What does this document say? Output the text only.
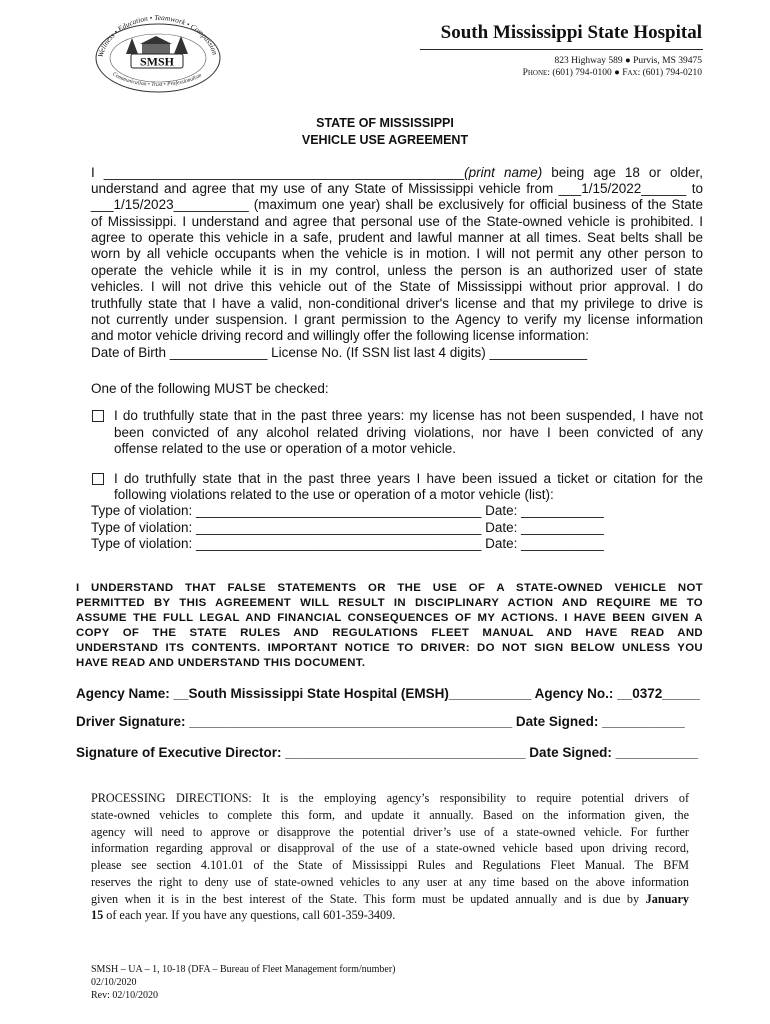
Wellness • Education • Teamwork • Compassion
Communication • Trust • Professionalism
SMSH
South Mississippi State Hospital
823 Highway 589 ● Purvis, MS 39475
Phone: (601) 794-0100 ● Fax: (601) 794-0210
STATE OF MISSISSIPPI
VEHICLE USE AGREEMENT
I ________________________________________________(print name) being age 18 or older,
understand and agree that my use of any State of Mississippi vehicle from ___1/15/2022______ to
___1/15/2023__________ (maximum one year) shall be exclusively for official business of the State
of Mississippi. I understand and agree that personal use of the State-owned vehicle is prohibited. I
agree to operate this vehicle in a safe, prudent and lawful manner at all times. Seat belts shall be
worn by all vehicle occupants when the vehicle is in motion. I will not permit any other person to
operate the vehicle while it is in my control, unless the person is an authorized user of state
vehicles. I will not drive this vehicle out of the State of Mississippi without prior approval. I do
truthfully state that I have a valid, non-conditional driver's license and that my privilege to drive is
not currently under suspension. I grant permission to the Agency to verify my license information
and motor vehicle driving record and willingly offer the following license information:
Date of Birth _____________ License No. (If SSN list last 4 digits) _____________
One of the following MUST be checked:
I do truthfully state that in the past three years: my license has not been suspended, I have not
been convicted of any alcohol related driving violations, nor have I been convicted of any
offense related to the use or operation of a motor vehicle.
I do truthfully state that in the past three years I have been issued a ticket or citation for the
following violations related to the use or operation of a motor vehicle (list):
Type of violation: ______________________________________ Date: ___________
Type of violation: ______________________________________ Date: ___________
Type of violation: ______________________________________ Date: ___________
I UNDERSTAND THAT FALSE STATEMENTS OR THE USE OF A STATE-OWNED VEHICLE NOT
PERMITTED BY THIS AGREEMENT WILL RESULT IN DISCIPLINARY ACTION AND REQUIRE ME TO
ASSUME THE FULL LEGAL AND FINANCIAL CONSEQUENCES OF MY ACTIONS. I HAVE BEEN GIVEN A
COPY OF THE STATE RULES AND REGULATIONS FLEET MANUAL AND HAVE READ AND
UNDERSTAND ITS CONTENTS. IMPORTANT NOTICE TO DRIVER: DO NOT SIGN BELOW UNLESS YOU
HAVE READ AND UNDERSTAND THIS DOCUMENT.
Agency Name: __South Mississippi State Hospital (EMSH)___________ Agency No.: __0372_____
Driver Signature: ___________________________________________ Date Signed: ___________
Signature of Executive Director: ________________________________ Date Signed: ___________
PROCESSING DIRECTIONS: It is the employing agency’s responsibility to require potential drivers of
state-owned vehicles to complete this form, and update it annually. Based on the information given, the
agency will need to approve or disapprove the potential driver’s use of a state-owned vehicle. For further
information regarding approval or disapproval of the use of a state-owned vehicle based upon driving record,
please see section 4.101.01 of the State of Mississippi Rules and Regulations Fleet Manual. The BFM
reserves the right to deny use of state-owned vehicles to any user at any time based on the above information
given when it is in the best interest of the State. This form must be updated annually and is due by January
15 of each year. If you have any questions, call 601-359-3409.
SMSH – UA – 1, 10-18 (DFA – Bureau of Fleet Management form/number)
02/10/2020
Rev: 02/10/2020
